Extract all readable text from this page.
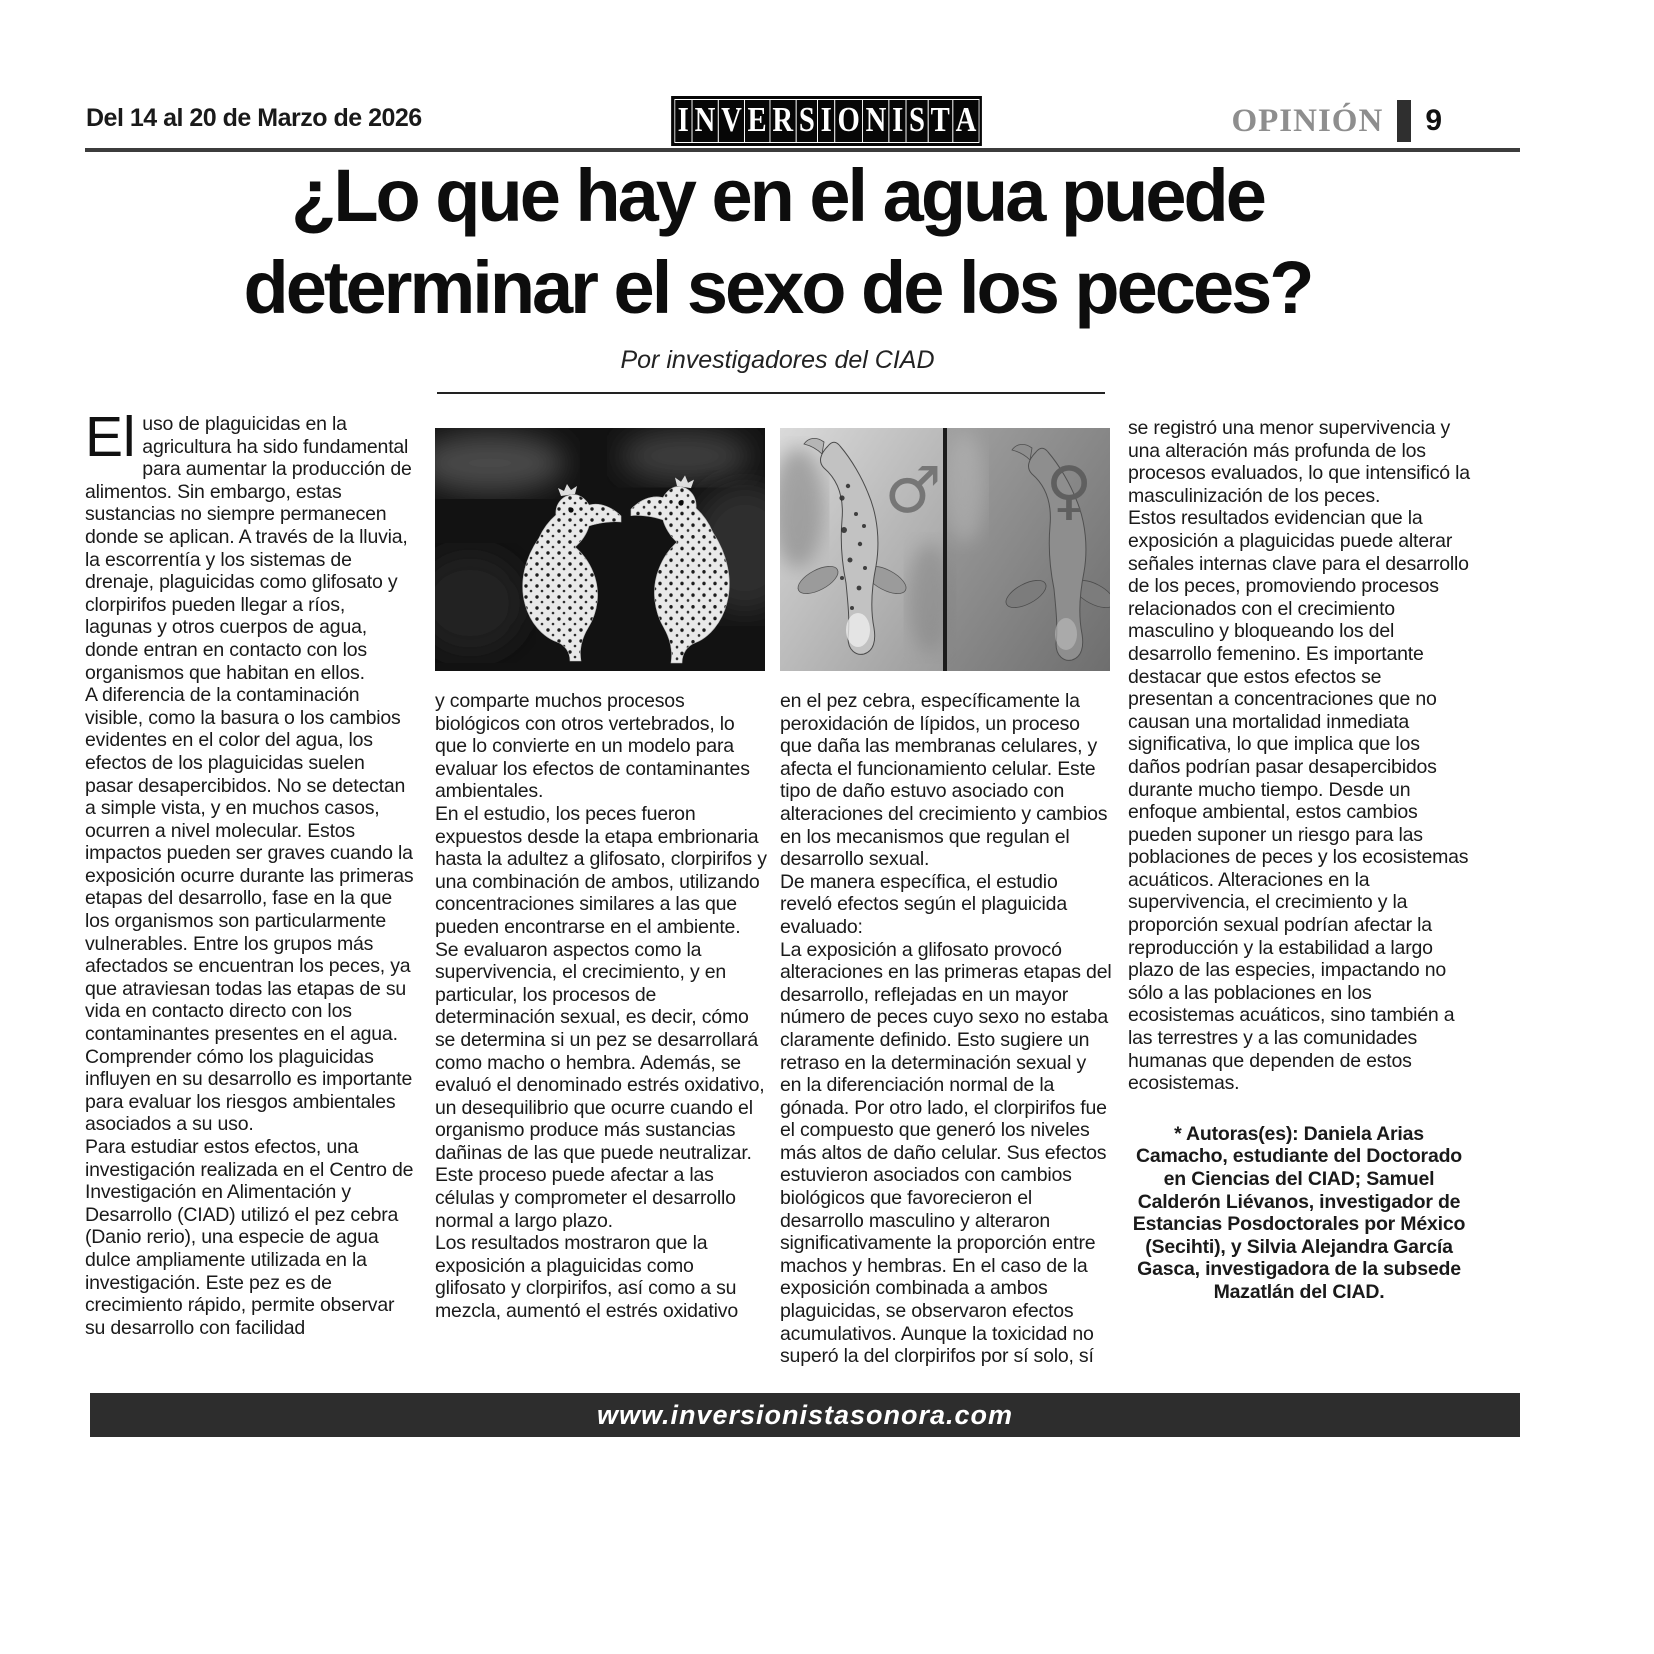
Del 14 al 20 de Marzo de 2026	I N V E R S I O N I S T A	OPINIÓN 9
¿Lo que hay en el agua puede
determinar el sexo de los peces?
Por investigadores del CIAD
♂ ♀

El uso de plaguicidas en la agricultura ha sido fundamental para aumentar la producción de alimentos. Sin embargo, estas sustancias no siempre permanecen donde se aplican. A través de la lluvia, la escorrentía y los sistemas de drenaje, plaguicidas como glifosato y clorpirifos pueden llegar a ríos, lagunas y otros cuerpos de agua, donde entran en contacto con los organismos que habitan en ellos.

A diferencia de la contaminación visible, como la basura o los cambios evidentes en el color del agua, los efectos de los plaguicidas suelen pasar desapercibidos. No se detectan a simple vista, y en muchos casos, ocurren a nivel molecular. Estos impactos pueden ser graves cuando la exposición ocurre durante las primeras etapas del desarrollo, fase en la que los organismos son particularmente vulnerables. Entre los grupos más afectados se encuentran los peces, ya que atraviesan todas las etapas de su vida en contacto directo con los contaminantes presentes en el agua.

Comprender cómo los plaguicidas influyen en su desarrollo es importante para evaluar los riesgos ambientales asociados a su uso.

Para estudiar estos efectos, una investigación realizada en el Centro de Investigación en Alimentación y Desarrollo (CIAD) utilizó el pez cebra (Danio rerio), una especie de agua dulce ampliamente utilizada en la investigación. Este pez es de crecimiento rápido, permite observar su desarrollo con facilidad

y comparte muchos procesos biológicos con otros vertebrados, lo que lo convierte en un modelo para evaluar los efectos de contaminantes ambientales.

En el estudio, los peces fueron expuestos desde la etapa embrionaria hasta la adultez a glifosato, clorpirifos y una combinación de ambos, utilizando concentraciones similares a las que pueden encontrarse en el ambiente. Se evaluaron aspectos como la supervivencia, el crecimiento, y en particular, los procesos de determinación sexual, es decir, cómo se determina si un pez se desarrollará como macho o hembra. Además, se evaluó el denominado estrés oxidativo, un desequilibrio que ocurre cuando el organismo produce más sustancias dañinas de las que puede neutralizar. Este proceso puede afectar a las células y comprometer el desarrollo normal a largo plazo.

Los resultados mostraron que la exposición a plaguicidas como glifosato y clorpirifos, así como a su mezcla, aumentó el estrés oxidativo

en el pez cebra, específicamente la peroxidación de lípidos, un proceso que daña las membranas celulares, y afecta el funcionamiento celular. Este tipo de daño estuvo asociado con alteraciones del crecimiento y cambios en los mecanismos que regulan el desarrollo sexual.

De manera específica, el estudio reveló efectos según el plaguicida evaluado:

La exposición a glifosato provocó alteraciones en las primeras etapas del desarrollo, reflejadas en un mayor número de peces cuyo sexo no estaba claramente definido. Esto sugiere un retraso en la determinación sexual y en la diferenciación normal de la gónada. Por otro lado, el clorpirifos fue el compuesto que generó los niveles más altos de daño celular. Sus efectos estuvieron asociados con cambios biológicos que favorecieron el desarrollo masculino y alteraron significativamente la proporción entre machos y hembras. En el caso de la exposición combinada a ambos plaguicidas, se observaron efectos acumulativos. Aunque la toxicidad no superó la del clorpirifos por sí solo, sí

se registró una menor supervivencia y una alteración más profunda de los procesos evaluados, lo que intensificó la masculinización de los peces.

Estos resultados evidencian que la exposición a plaguicidas puede alterar señales internas clave para el desarrollo de los peces, promoviendo procesos relacionados con el crecimiento masculino y bloqueando los del desarrollo femenino. Es importante destacar que estos efectos se presentan a concentraciones que no causan una mortalidad inmediata significativa, lo que implica que los daños podrían pasar desapercibidos durante mucho tiempo. Desde un enfoque ambiental, estos cambios pueden suponer un riesgo para las poblaciones de peces y los ecosistemas acuáticos. Alteraciones en la supervivencia, el crecimiento y la proporción sexual podrían afectar la reproducción y la estabilidad a largo plazo de las especies, impactando no sólo a las poblaciones en los ecosistemas acuáticos, sino también a las terrestres y a las comunidades humanas que dependen de estos ecosistemas.

* Autoras(es): Daniela Arias Camacho, estudiante del Doctorado en Ciencias del CIAD; Samuel Calderón Liévanos, investigador de Estancias Posdoctorales por México (Secihti), y Silvia Alejandra García Gasca, investigadora de la subsede Mazatlán del CIAD.

www.inversionistasonora.com
